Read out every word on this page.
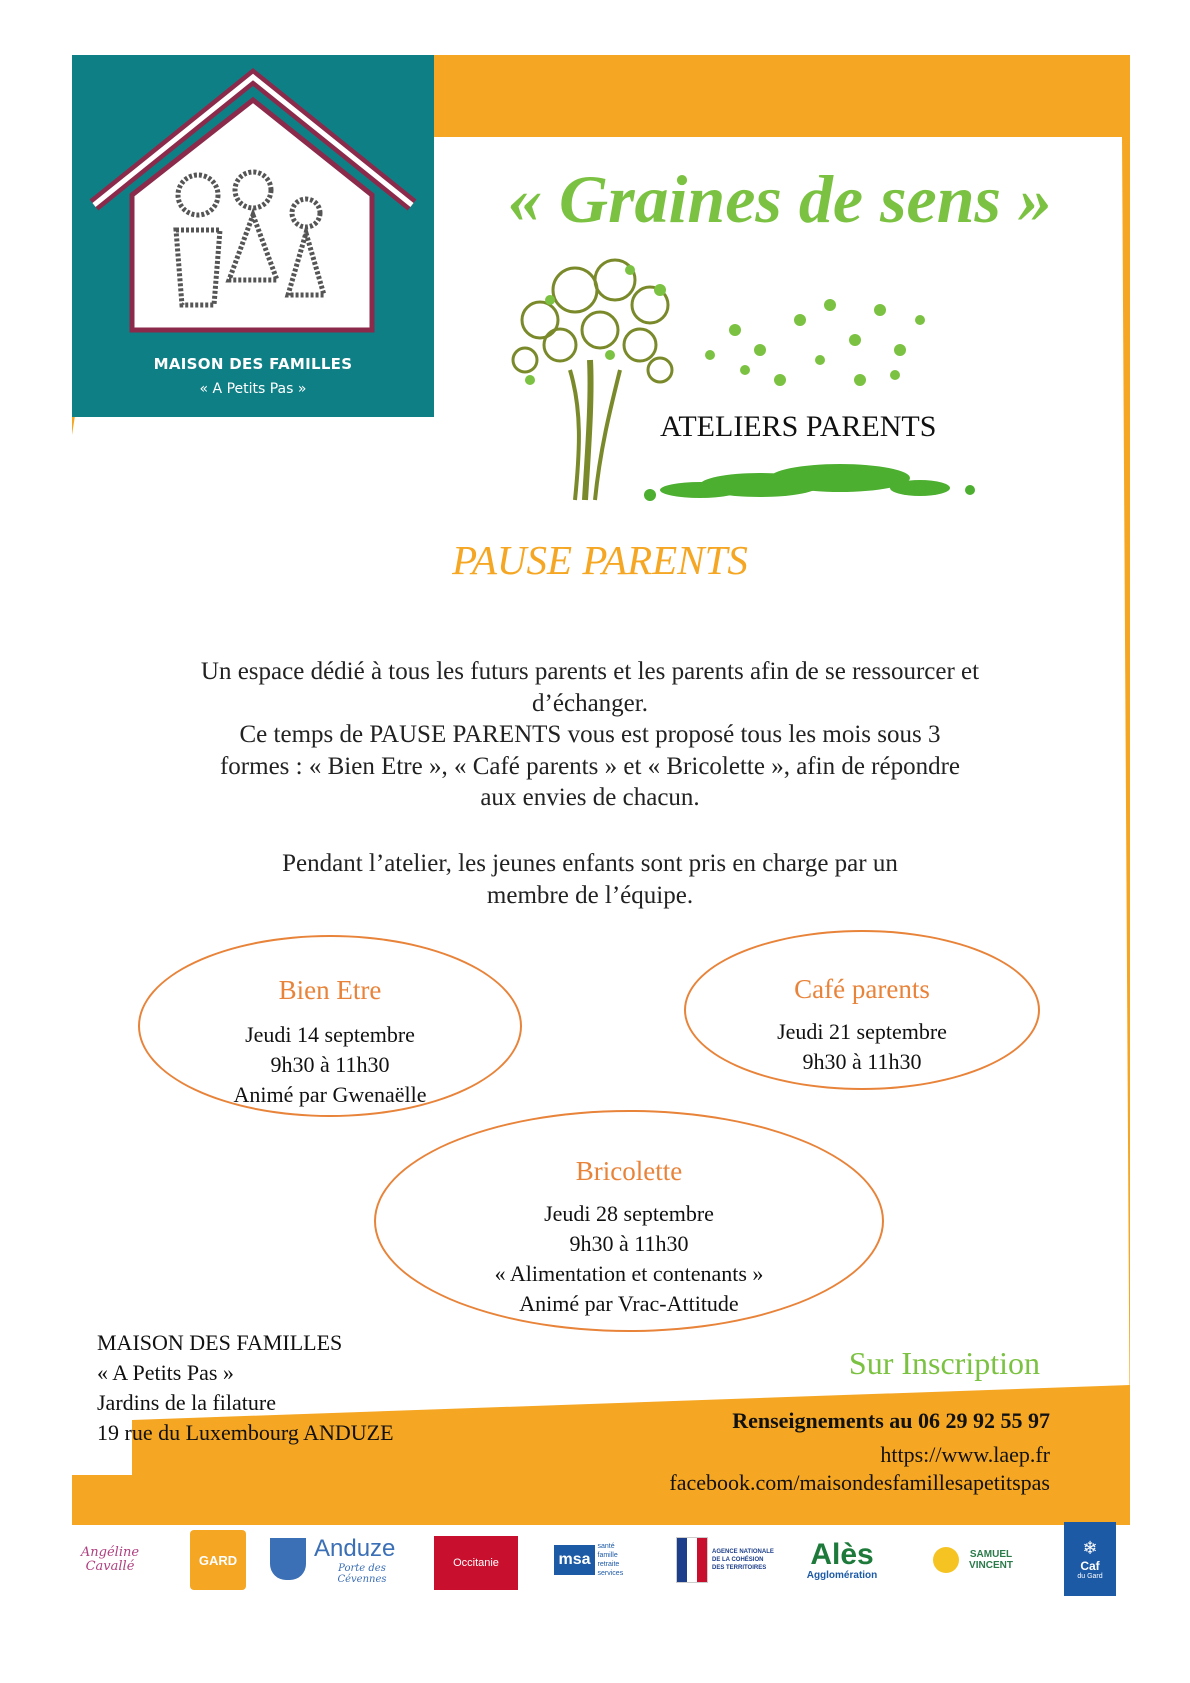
MAISON DES FAMILLES
« A Petits Pas »
« Graines de sens »
ATELIERS PARENTS
PAUSE PARENTS
Un espace dédié à tous les futurs parents et les parents afin de se ressourcer et
d’échanger.
Ce temps de PAUSE PARENTS vous est proposé tous les mois sous 3
formes : « Bien Etre », « Café parents » et « Bricolette », afin de répondre
aux envies de chacun.
Pendant l’atelier, les jeunes enfants sont pris en charge par un
membre de l’équipe.
Bien Etre

Jeudi 14 septembre

9h30 à 11h30

Animé par Gwenaëlle

Café parents

Jeudi 21 septembre

9h30 à 11h30

Bricolette

Jeudi 28 septembre

9h30 à 11h30

« Alimentation et contenants »

Animé par Vrac-Attitude

MAISON DES FAMILLES
« A Petits Pas »
Jardins de la filature
19 rue du Luxembourg ANDUZE
Sur Inscription
Renseignements au 06 29 92 55 97
https://www.laep.fr
facebook.com/maisondesfamillesapetitspas
Angéline Cavallé	GARD	Anduze
Porte des Cévennes
Occitanie	msa
santé famille retraite services
AGENCE NATIONALE DE LA COHÉSION DES TERRITOIRES Alès
Agglomération
SAMUEL VINCENT
❄
Caf
du Gard
